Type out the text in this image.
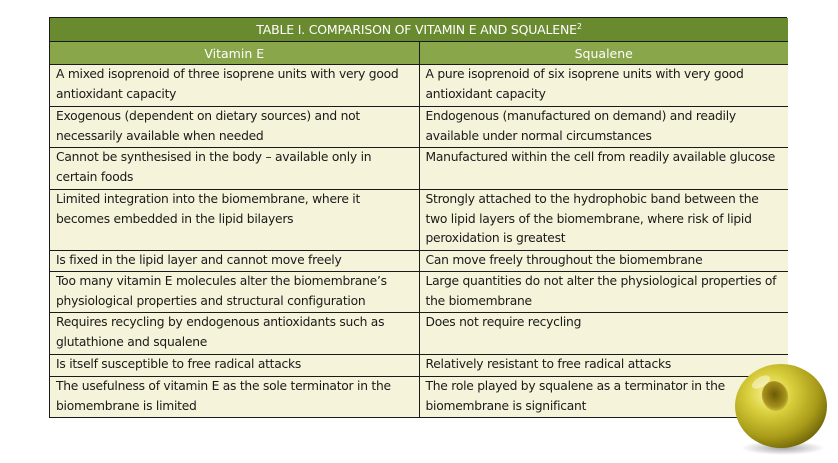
TABLE I. COMPARISON OF VITAMIN E AND SQUALENE$^2$
Vitamin E	Squalene
A mixed isoprenoid of three isoprene units with very good antioxidant capacity	A pure isoprenoid of six isoprene units with very good antioxidant capacity
Exogenous (dependent on dietary sources) and not necessarily available when needed	Endogenous (manufactured on demand) and readily available under normal circumstances
Cannot be synthesised in the body – available only in certain foods	Manufactured within the cell from readily available glucose
Limited integration into the biomembrane, where it becomes embedded in the lipid bilayers	Strongly attached to the hydrophobic band between the two lipid layers of the biomembrane, where risk of lipid peroxidation is greatest
Is fixed in the lipid layer and cannot move freely	Can move freely throughout the biomembrane
Too many vitamin E molecules alter the biomembrane’s physiological properties and structural configuration	Large quantities do not alter the physiological properties of the biomembrane
Requires recycling by endogenous antioxidants such as glutathione and squalene	Does not require recycling
Is itself susceptible to free radical attacks	Relatively resistant to free radical attacks
The usefulness of vitamin E as the sole terminator in the biomembrane is limited	The role played by squalene as a terminator in the biomembrane is significant
